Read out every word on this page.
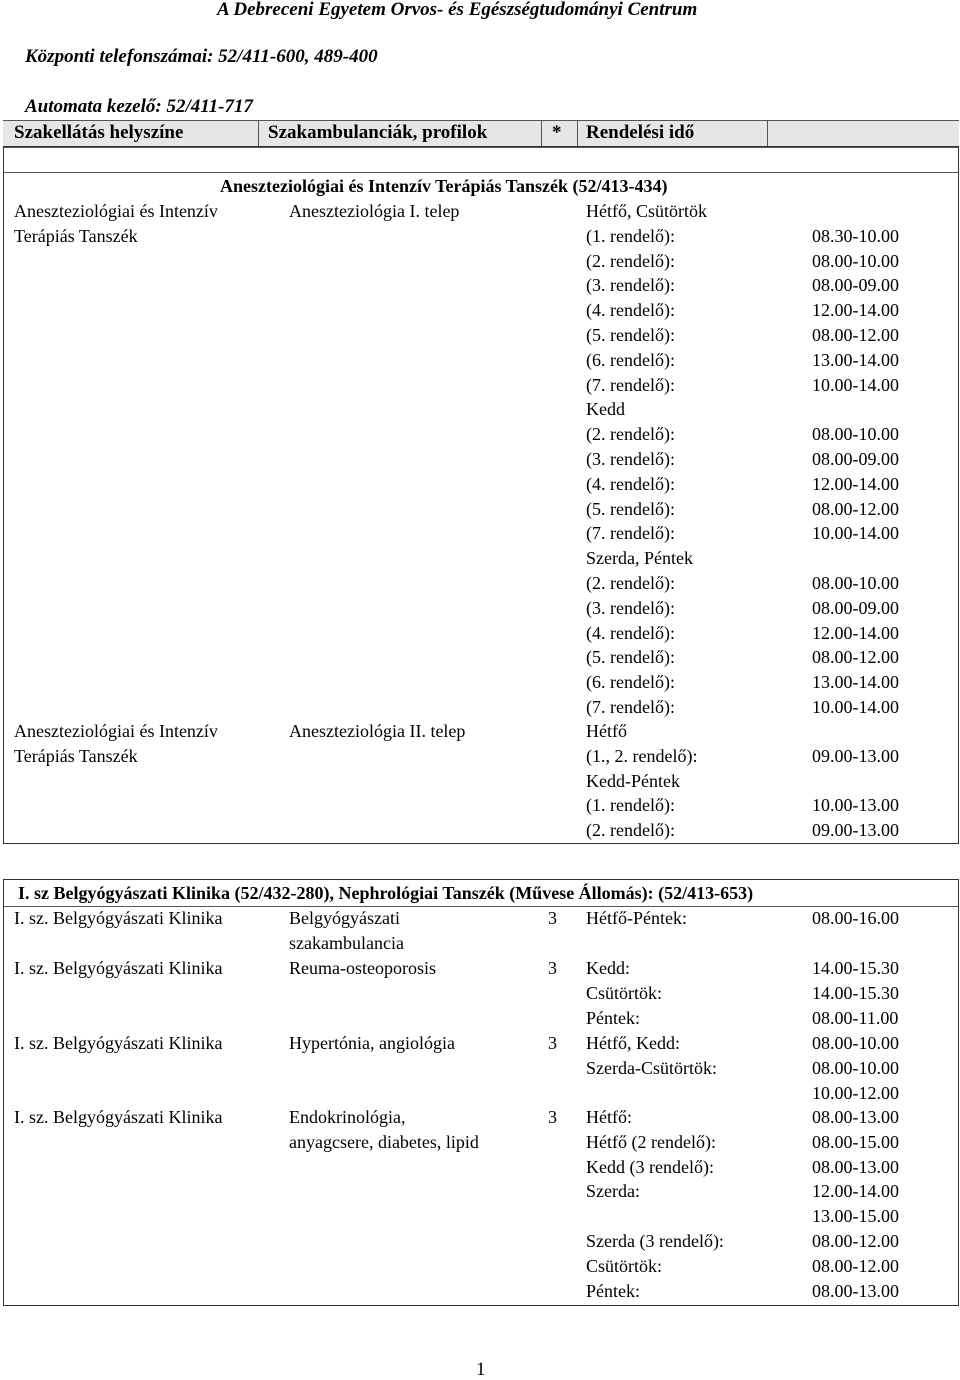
A Debreceni Egyetem Orvos- és Egészségtudományi Centrum
Központi telefonszámai: 52/411-600, 489-400
Automata kezelő: 52/411-717
Szakellátás helyszíne	Szakambulanciák, profilok	* Rendelési idő
Aneszteziológiai és Intenzív Terápiás Tanszék (52/413-434)
Aneszteziológiai és Intenzív
Terápiás Tanszék
Aneszteziológia I. telep	Hétfő, Csütörtök
(1. rendelő):	08.30-10.00
(2. rendelő):	08.00-10.00
(3. rendelő):	08.00-09.00
(4. rendelő):	12.00-14.00
(5. rendelő):	08.00-12.00
(6. rendelő):	13.00-14.00
(7. rendelő):	10.00-14.00
Kedd
(2. rendelő):	08.00-10.00
(3. rendelő):	08.00-09.00
(4. rendelő):	12.00-14.00
(5. rendelő):	08.00-12.00
(7. rendelő):	10.00-14.00
Szerda, Péntek
(2. rendelő):	08.00-10.00
(3. rendelő):	08.00-09.00
(4. rendelő):	12.00-14.00
(5. rendelő):	08.00-12.00
(6. rendelő):	13.00-14.00
(7. rendelő):	10.00-14.00
Aneszteziológiai és Intenzív
Terápiás Tanszék
Aneszteziológia II. telep	Hétfő
(1., 2. rendelő):	09.00-13.00
Kedd-Péntek
(1. rendelő):	10.00-13.00
(2. rendelő):	09.00-13.00
I. sz Belgyógyászati Klinika (52/432-280), Nephrológiai Tanszék (Művese Állomás): (52/413-653)
I. sz. Belgyógyászati Klinika	Belgyógyászati
szakambulancia
3 Hétfő-Péntek:	08.00-16.00
I. sz. Belgyógyászati Klinika	Reuma-osteoporosis	3 Kedd:	14.00-15.30
Csütörtök:	14.00-15.30
Péntek:	08.00-11.00
I. sz. Belgyógyászati Klinika	Hypertónia, angiológia	3 Hétfő, Kedd:	08.00-10.00
Szerda-Csütörtök:	08.00-10.00
10.00-12.00
I. sz. Belgyógyászati Klinika	Endokrinológia,
anyagcsere, diabetes, lipid
3 Hétfő:	08.00-13.00
Hétfő (2 rendelő):	08.00-15.00
Kedd (3 rendelő):	08.00-13.00
Szerda:	12.00-14.00
13.00-15.00
Szerda (3 rendelő):	08.00-12.00
Csütörtök:	08.00-12.00
Péntek:	08.00-13.00
1
